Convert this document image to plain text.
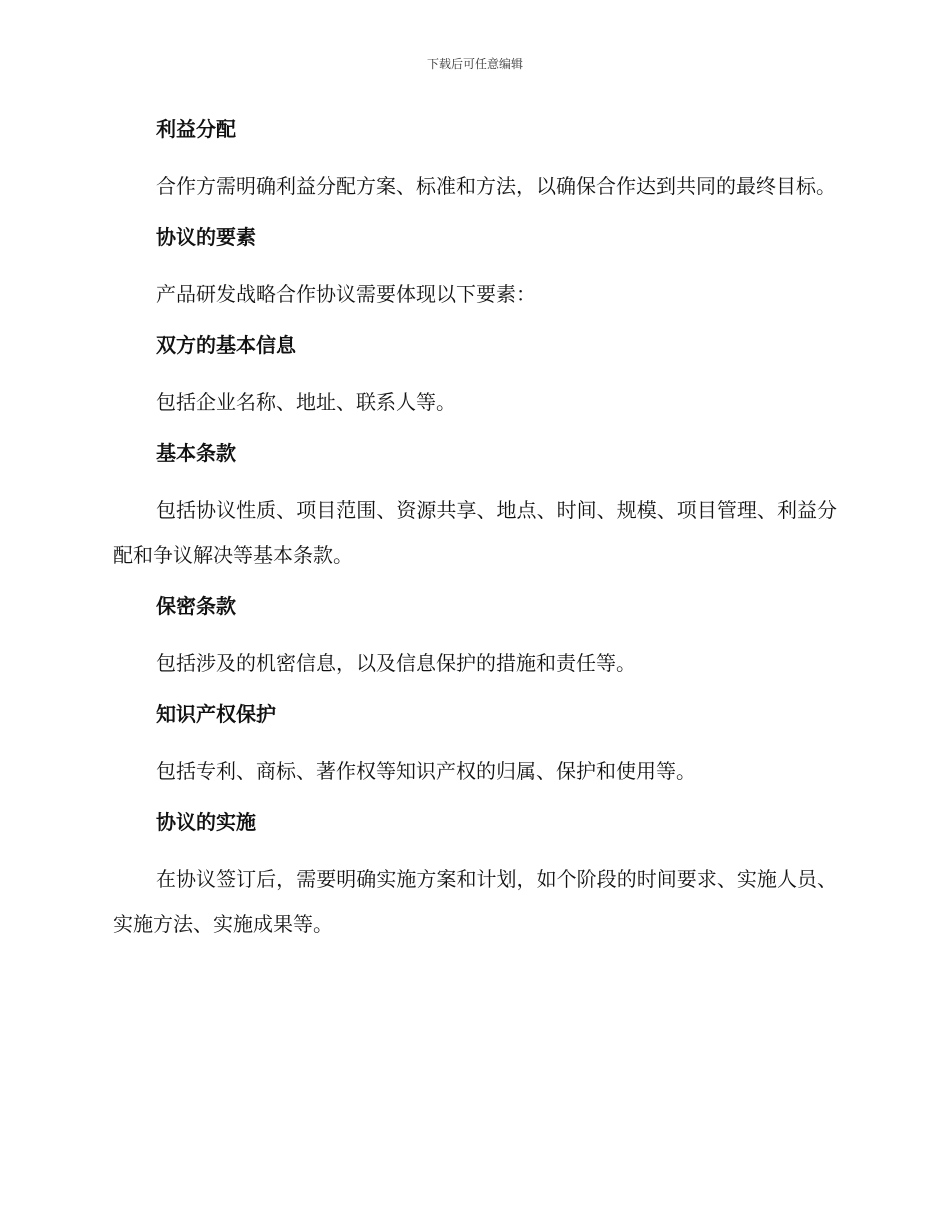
下载后可任意编辑
利益分配
合作方需明确利益分配方案、标准和方法，以确保合作达到共同的最终目标。
协议的要素
产品研发战略合作协议需要体现以下要素：
双方的基本信息
包括企业名称、地址、联系人等。
基本条款
包括协议性质、项目范围、资源共享、地点、时间、规模、项目管理、利益分配和争议解决等基本条款。
保密条款
包括涉及的机密信息，以及信息保护的措施和责任等。
知识产权保护
包括专利、商标、著作权等知识产权的归属、保护和使用等。
协议的实施
在协议签订后，需要明确实施方案和计划，如个阶段的时间要求、实施人员、实施方法、实施成果等。
